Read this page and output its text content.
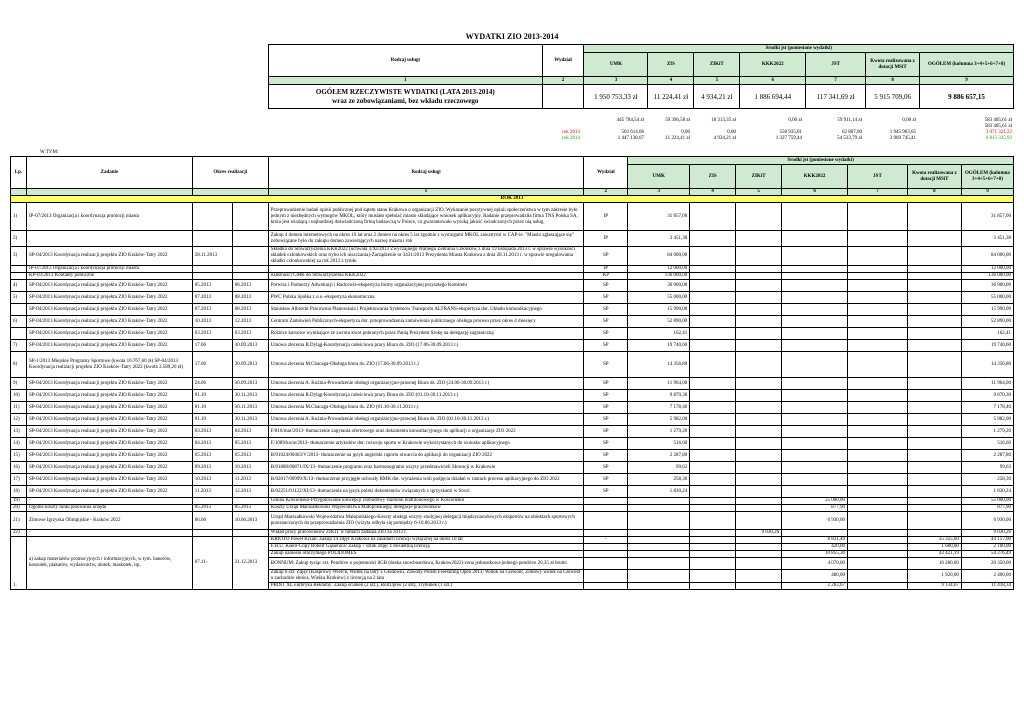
WYDATKI ZIO 2013-2014
Rodzaj usługi	Wydział	Środki jst (poniesione wydatki)						
		UMK	ZIS	ZIKiT	KKK2022	JST	Kwota realizowana z dotacji MSiT	OGÓŁEM (kolumna 3+4+5+6+7+8)
1	2	3	4	5	6	7	8	9
OGÓŁEM RZECZYWISTE WYDATKI (LATA 2013-2014)
wraz ze zobowiązaniami, bez wkładu rzeczowego		1 950 753,33 zł	11 224,41 zł	4 934,21 zł	1 886 694,44	117 341,69 zł	5 915 709,06	9 886 657,15
	445 784,54 zł	59 396,58 zł	18 313,35 zł	0,00 zł	59 911,14 zł	0,00 zł	583 405,61 zł
							583 405,61 zł
rok 2013	503 614,66	0,00	0,00	558 935,01	62 807,90	1 945 963,65	3 071 321,22
rok 2014	1 447 138,67	11 224,41 zł	4 934,21 zł	1 327 759,44	54 533,79 zł	3 969 745,41	6 815 335,93
W TYM:
Lp.	Zadanie	Okres realizacji		Rodzaj usługi	Wydział	Środki jst (poniesione wydatki)						
						UMK	ZIS	ZIKiT	KKK2022	JST	Kwota realizowana z dotacji MSiT	OGÓŁEM (kolumna 3+4+5+6+7+8)
				1	2	3	4	5	6	7	8	9
ROK 2013												
1)	IP-07/2013 Organizacja i koordynacja promocji miasta			Przeprowadzenie badań opinii publicznej pod kątem stanu Krakowa o organizacji ZIO. Wykazanie pozytywnej opinii społeczeństwa w tym zakresie było jednym z niezbędnych wymogów MKOL, który musiało spełniać miasto składające wniosek aplikacyjny. Badanie przeprowadziła firma TNS Polska SA, która jest wiodącą i najbardziej doświadczoną firmą badawczą w Polsce, co gwarantowało wysoką jakość świadczonych przez nią usług.	IP	31 857,00						31 857,00
2)				Zakup 4 domen internetowych na okres 10 lat oraz 2 domen na okres 5 lat zgodnie z wymogami MKOL zawartymi w CAP-ie. "Miasto zgłaszające się" zobowiązane było do zakupu domen zawierających nazwę miasta i rok	IP	3 451,38						3 451,38
3)	SP-04/2013 Koordynacja realizacji projektu ZIO Kraków-Tatry 2022	28.11.2013		Składka do Stowarzyszenia KKK2022 (uchwała 3/XI/2013 Zwyczajnego Walnego Zebrania Członków z dnia 19 listopada 2013 r. w sprawie wysokości składek członkowskich oraz trybu ich uiszczania)-Zarządzenie nr 3431/2013 Prezydenta Miasta Krakowa z dnia 28.11.2013 r. w sprawie uregulowania składki członkowskiej za rok 2013 z tytułu	SP	84 000,00						84 000,00
	IP-07/2013 Organizacja i koordynacja promocji miasta				IP	12 000,00						12 000,00
	KP-03/2013 Kontakty publiczne			należności GMK do Stowarzyszenia KKK2022	KP	136 000,00						136 000,00
4)	SP-04/2013 Koordynacja realizacji projektu ZIO Kraków-Tatry 2022	05.2013	06.2013	Porwisz i Partnerzy Adwokacji i Radcowie-ekspertyza formy organizacyjnej przyszłego Komitetu	SP	36 900,00						36 900,00
5)	SP-04/2013 Koordynacja realizacji projektu ZIO Kraków-Tatry 2022	07.2013	08.2013	PWC Polska Spółka z o.o.-ekspertyza ekonomiczna	SP	55 000,00						55 000,00
	SP-04/2013 Koordynacja realizacji projektu ZIO Kraków-Tatry 2022	07.2013	08.2013	Stanisław Albrecht Pracownia Planowania i Projektowania Systemów Transportu ALTRANS-ekspertyza dot. Układu komunikacyjnego	SP	15 990,00						15 990,00
6)	SP-04/2013 Koordynacja realizacji projektu ZIO Kraków-Tatry 2022	10.2013	12.2013	Centrum Zamówień Publicznych-ekspertyza dot. przeprowadzenia zamówienia publicznego obsługa procesu przez okres 4 miesięcy	SP	52 890,00						52 890,00
	SP-04/2013 Koordynacja realizacji projektu ZIO Kraków-Tatry 2022	03.2013	03.2013	Różnice kursowe wynikające ze zwrotu kwot pobranych przez Panią Prezydent Srokę na delegację zagraniczną	SP	162,41						162,41
7)	SP-04/2013 Koordynacja realizacji projektu ZIO Kraków-Tatry 2022	17.06	30.09.2013	Umowa zlecenia R.Dyląg-Koordynacja całościowa pracy Biura ds. ZIO (17.06-30.09.2013 r.)	SP	19 740,60						19 740,60
8)	SP-1/2013 Miejskie Programy Sportowe (kwota 10.767,60 zł) SP-04/2013 Koordynacja realizacji projektu ZIO Kraków-Tatry 2022 (kwota 3.589,20 zł)	17.06	30.09.2013	Umowa zlecenia M.Chacaga-Obsługa biura ds. ZIO (17.06-30.09.2013 r.)	SP	14 356,80						14 356,80
9)	SP-04/2013 Koordynacja realizacji projektu ZIO Kraków-Tatry 2022	24.06	30.09.2013	Umowa zlecenia A. Kuźnia-Prowadzenie obsługi organizacyjno-prawnej Biura ds. ZIO (24.06-30.09.2013 r.)	SP	11 964,00						11 964,00
10)	SP-04/2013 Koordynacja realizacji projektu ZIO Kraków-Tatry 2022	01.10	30.11.2013	Umowa zlecenia R.Dyląg-Koordynacja całościowa pracy Biura ds. ZIO (01.10-30.11.2013 r.)	SP	9 870,30						9 870,30
11)	SP-04/2013 Koordynacja realizacji projektu ZIO Kraków-Tatry 2022	01.10	30.11.2013	Umowa zlecenia M.Chacaga-Obsługa biura ds. ZIO (01.10-30.11.2013 r.)	SP	7 178,40						7 178,40
12)	SP-04/2013 Koordynacja realizacji projektu ZIO Kraków-Tatry 2022	01.10	30.11.2013	Umowa zlecenia A. Kuźnia-Prowadzenie obsługi organizacyjno-prawnej Biura ds. ZIO (01.10-30.11.2013 r.)	SP	5 982,00						5 982,00
13)	SP-04/2013 Koordynacja realizacji projektu ZIO Kraków-Tatry 2022	03.2013	04.2013	F/816/mar/2013- tłumaczenie zapytania ofertowego oraz dokumentu konsultacyjnego do aplikacji o organizacje ZIO 2022	SP	1 279,20						1 279,20
14)	SP-04/2013 Koordynacja realizacji projektu ZIO Kraków-Tatry 2022	04.2013	05.2013	F/1089/kwie/2013- tłumaczenie artykułów dot. rozwoju sportu w Krakowie wykorzystanych do wniosku aplikacyjnego	SP	516,60						516,60
15)	SP-04/2013 Koordynacja realizacji projektu ZIO Kraków-Tatry 2022	05.2013	05.2013	B/01024/00463/V/2013- tłumaczenie na język angielski raportu otwarcia do aplikacji do organizacji ZIO 2022	SP	2 287,80						2 287,80
16)	SP-04/2013 Koordynacja realizacji projektu ZIO Kraków-Tatry 2022	09.2013	10.2013	B/01880/00871/IX/13- tłumaczenie programu oraz harmonogramu wizyty przedstawicieli Słowacji w Krakowie	SP	99,63						99,63
17)	SP-04/2013 Koordynacja realizacji projektu ZIO Kraków-Tatry 2022	10.2013	11.2013	B/02017/00999/X/13- tłumaczenie przyjęgłe uchwały RMK dot. wyrażenia woli podjęcia działań w ramach procesu aplikacyjnego do ZIO 2022	SP	258,30						258,30
18)	SP-04/2013 Koordynacja realizacji projektu ZIO Kraków-Tatry 2022	11.2013	12.2013	B/02251/01122/XI/13- tłumaczenie na język polski dokumentów związanych z igrzyskami w Soczi	SP	1 830,24						1 830,24
19)	-			Gmina Kościelisko-Przygotowanie koncepcji rozbudowy stadionu biathlonowego w Kościelisku					55 000,00			55 000,00
20)	Ogólne koszty funkcjonowania urzędu	05.2013	05.2013	Koszty Urząd Marszałkowski Województwa Małopolskiego; delegacje pracowników					877,90			877,90
21)	Zimowe Igrzyska Olimpijskie - Kraków 2022	06.06	10.06.2013	Urząd Marszałkowski Województwa Małopolskiego-Koszty obsługi wizyty studyjnej delegacji międzynarodowych ekspertów na obiektach sportowych przeznaczonych do przeprowadzenia ZIO (wizyta odbyła się pomiędzy 6-10.06.2013 r.)					6 930,00			6 930,00
22)	-			Wkład pracy pracowników ZIKIT w ramach zadania ZIO za 2013 r.				9 030,26				9 030,26
1.	a) zakup materiałów promocyjnych i informacyjnych, w tym. banerów, koszulek, plakatów, wydawnictw, ulotek, maskotek, itp.	07.11-	31.12.2013	KRIOTO Paweł Krzan: Zakup 14 zdjęć Krakowa na zasadach licencji wyłącznej na okres 10 lat	-				8 831,40		35 325,60	44 157,00
				F.H.U. Ksero-Copy Robert Gąsienica: Zakup 7 sztuk zdjęć z dwuletnią licencją					420,00		1 680,00	2 100,00
				Zakup naniesiu olbrzymego POLIDOMES					10 855,30		43 421,19	54 276,49
				BONNUM: Zakup tysiąc szt. Pendrive o pojemności 8GB (deska snowboardowa, Kraków2022)-cena jednostkowa jednego pendrive 20,35 zł brutto					4 070,00		16 280,00	20 350,00
				Zakup 6 szt. Zdjęć (Kasprowy Wierch, Widok na tatry z Głodówki, Zawody Polish Freeskiing Open 2013; Widok na Giewont, Zimowy widok na Giewont o zachodzie słońca, Wielka Krokiew) z licencją na 2 lata					480,00		1 920,00	2 400,00
				PRINT XL Farbryka Reklamy: Zakup ścianek (2 szt.), RollUpów (2 szt), Trybunek (1 szt.)					2 283,67		9 134,67	11 418,34
